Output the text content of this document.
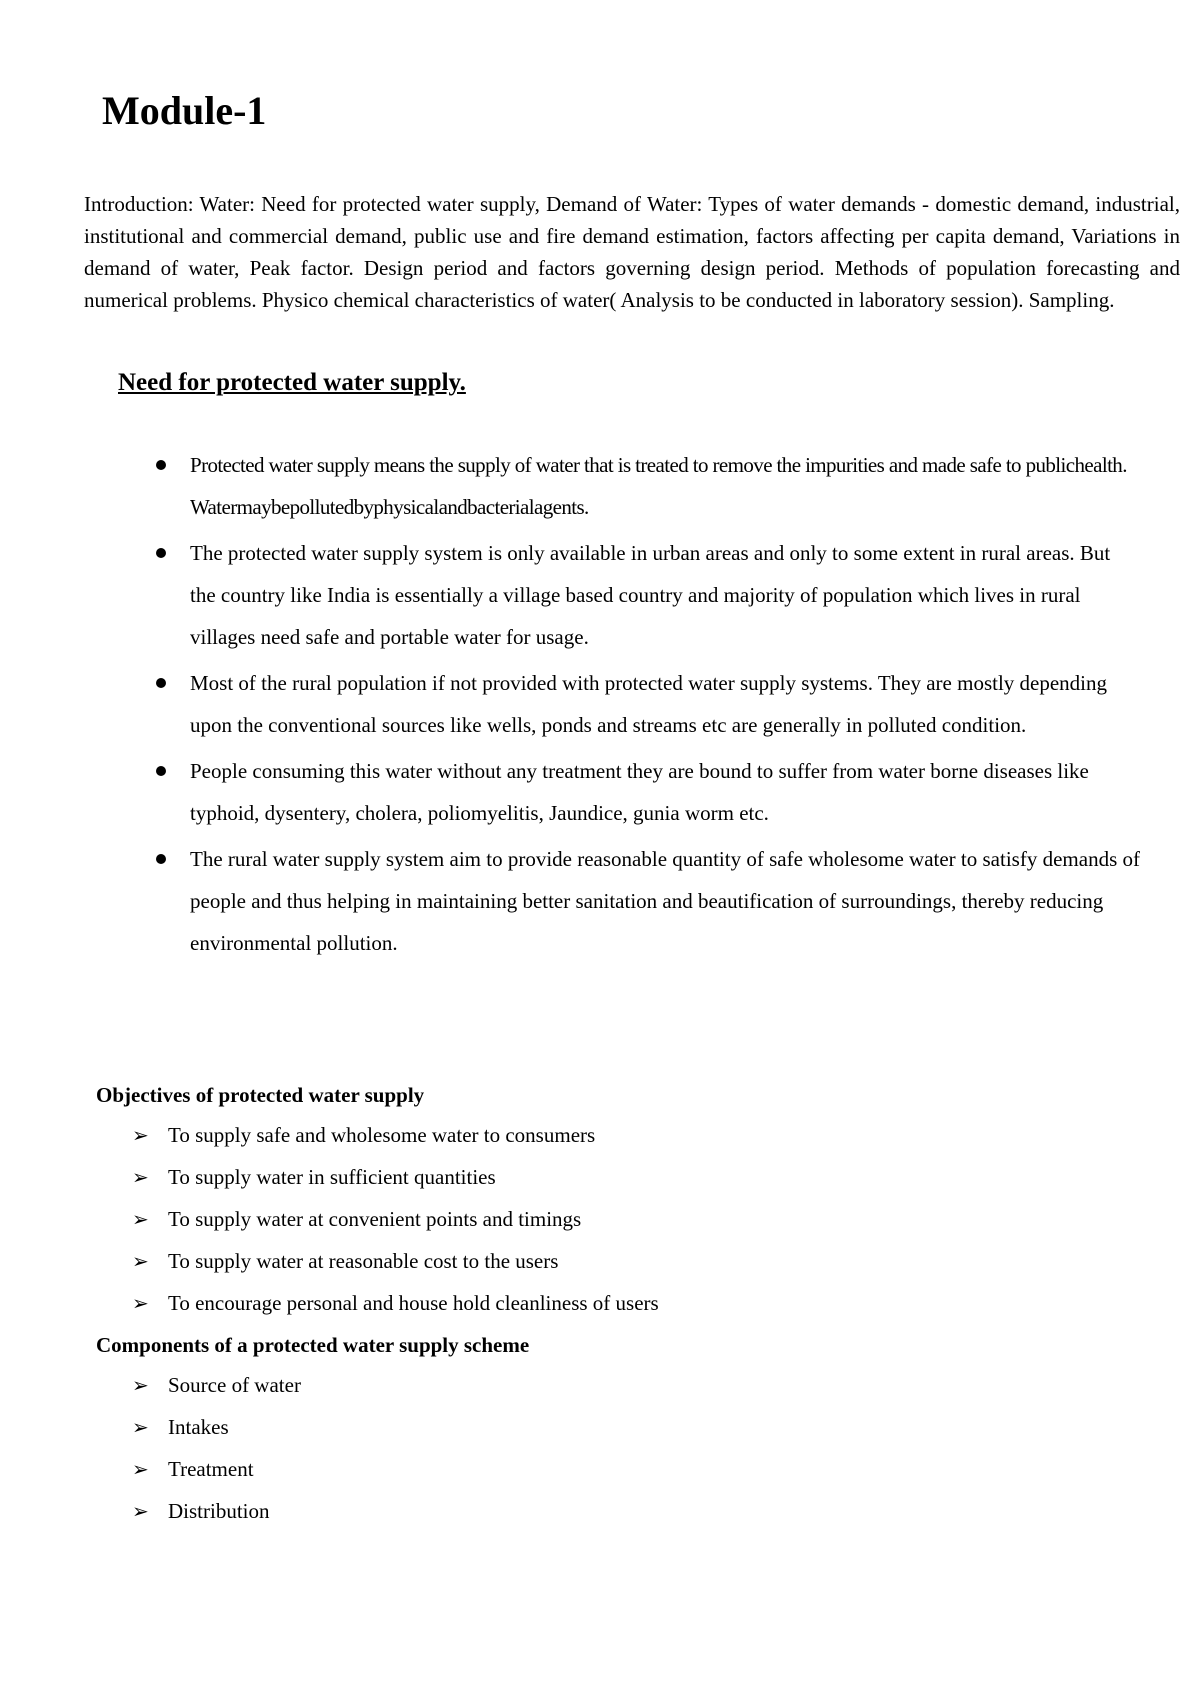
Module-1

Introduction: Water: Need for protected water supply, Demand of Water: Types of water demands - domestic demand, industrial, institutional and commercial demand, public use and fire demand estimation, factors affecting per capita demand, Variations in demand of water, Peak factor. Design period and factors governing design period. Methods of population forecasting and numerical problems. Physico chemical characteristics of water( Analysis to be conducted in laboratory session). Sampling.

Need for protected water supply.
Protected water supply means the supply of water that is treated to remove the impurities and made safe to publichealth. Watermaybepollutedbyphysicalandbacterialagents.
The protected water supply system is only available in urban areas and only to some extent in rural areas. But the country like India is essentially a village based country and majority of population which lives in rural villages need safe and portable water for usage.
Most of the rural population if not provided with protected water supply systems. They are mostly depending upon the conventional sources like wells, ponds and streams etc are generally in polluted condition.
People consuming this water without any treatment they are bound to suffer from water borne diseases like typhoid, dysentery, cholera, poliomyelitis, Jaundice, gunia worm etc.
The rural water supply system aim to provide reasonable quantity of safe wholesome water to satisfy demands of people and thus helping in maintaining better sanitation and beautification of surroundings, thereby reducing environmental pollution.
Objectives of protected water supply
➢ To supply safe and wholesome water to consumers
➢ To supply water in sufficient quantities
➢ To supply water at convenient points and timings
➢ To supply water at reasonable cost to the users
➢ To encourage personal and house hold cleanliness of users
Components of a protected water supply scheme
➢ Source of water
➢ Intakes
➢ Treatment
➢ Distribution
